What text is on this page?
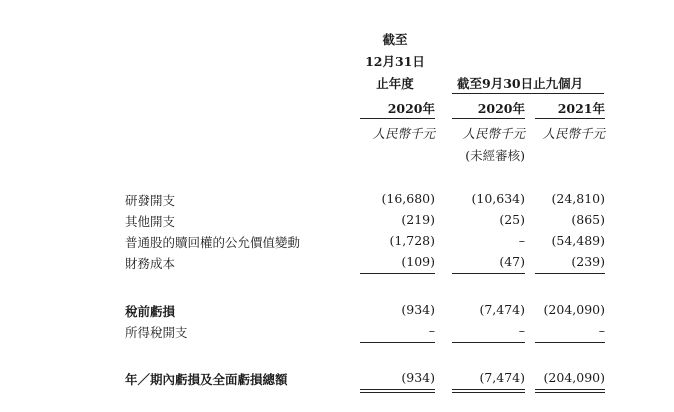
截至
12月31日
止年度	截至9月30日止九個月
2020年	2020年	2021年
人民幣千元	人民幣千元	人民幣千元
(未經審核)
研發開支	(16,680)	(10,634)	(24,810)
其他開支	(219)	(25)	(865)
普通股的贖回權的公允價值變動	(1,728)	–	(54,489)
財務成本	(109)	(47)	(239)
稅前虧損	(934)	(7,474)	(204,090)
所得稅開支	–	–	–
年／期內虧損及全面虧損總額	(934)	(7,474)	(204,090)
